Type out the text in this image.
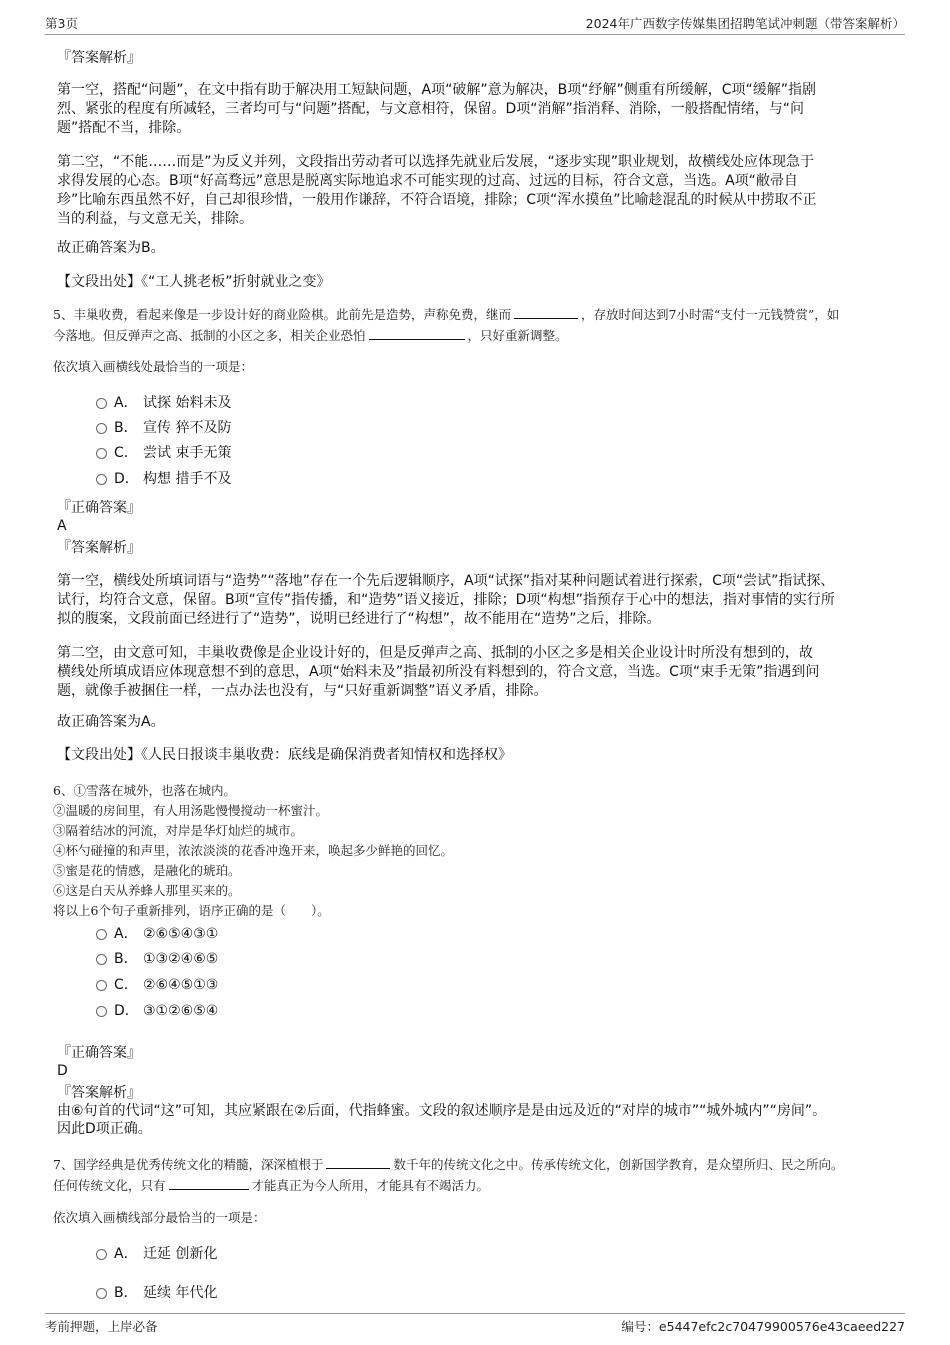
第3页	2024年广西数字传媒集团招聘笔试冲刺题（带答案解析）
『答案解析』
第一空，搭配“问题”，在文中指有助于解决用工短缺问题，A项“破解”意为解决，B项“纾解”侧重有所缓解，C项“缓解”指剧
烈、紧张的程度有所减轻，三者均可与“问题”搭配，与文意相符，保留。D项“消解”指消释、消除，一般搭配情绪，与“问
题”搭配不当，排除。
第二空，“不能……而是”为反义并列，文段指出劳动者可以选择先就业后发展，“逐步实现”职业规划，故横线处应体现急于
求得发展的心态。B项“好高骛远”意思是脱离实际地追求不可能实现的过高、过远的目标，符合文意，当选。A项“敝帚自
珍”比喻东西虽然不好，自己却很珍惜，一般用作谦辞，不符合语境，排除；C项“浑水摸鱼”比喻趁混乱的时候从中捞取不正
当的利益，与文意无关，排除。
故正确答案为B。
【文段出处】《“工人挑老板”折射就业之变》
5、丰巢收费，看起来像是一步设计好的商业险棋。此前先是造势，声称免费，继而	，存放时间达到7小时需“支付一元钱赞赏”，如
今落地。但反弹声之高、抵制的小区之多，相关企业恐怕	，只好重新调整。
依次填入画横线处最恰当的一项是：
A． 试探 始料未及
B． 宣传 猝不及防
C． 尝试 束手无策
D． 构想 措手不及
『正确答案』
A
『答案解析』
第一空，横线处所填词语与“造势”“落地”存在一个先后逻辑顺序，A项“试探”指对某种问题试着进行探索，C项“尝试”指试探、
试行，均符合文意，保留。B项“宣传”指传播，和“造势”语义接近，排除；D项“构想”指预存于心中的想法，指对事情的实行所
拟的腹案，文段前面已经进行了“造势”，说明已经进行了“构想”，故不能用在“造势”之后，排除。
第二空，由文意可知，丰巢收费像是企业设计好的，但是反弹声之高、抵制的小区之多是相关企业设计时所没有想到的，故
横线处所填成语应体现意想不到的意思，A项“始料未及”指最初所没有料想到的，符合文意，当选。C项“束手无策”指遇到问
题，就像手被捆住一样，一点办法也没有，与“只好重新调整”语义矛盾，排除。
故正确答案为A。
【文段出处】《人民日报谈丰巢收费：底线是确保消费者知情权和选择权》
6、①雪落在城外，也落在城内。
②温暖的房间里，有人用汤匙慢慢搅动一杯蜜汁。
③隔着结冰的河流，对岸是华灯灿烂的城市。
④杯勺碰撞的和声里，浓浓淡淡的花香冲逸开来，唤起多少鲜艳的回忆。
⑤蜜是花的情感，是融化的琥珀。
⑥这是白天从养蜂人那里买来的。
将以上6个句子重新排列，语序正确的是（　　）。
A． ②⑥⑤④③①
B． ①③②④⑥⑤
C． ②⑥④⑤①③
D． ③①②⑥⑤④
『正确答案』
D
『答案解析』
由⑥句首的代词“这”可知，其应紧跟在②后面，代指蜂蜜。文段的叙述顺序是是由远及近的“对岸的城市”“城外城内”“房间”。
因此D项正确。
7、国学经典是优秀传统文化的精髓，深深植根于	数千年的传统文化之中。传承传统文化，创新国学教育，是众望所归、民之所向。
任何传统文化，只有	才能真正为今人所用，才能具有不竭活力。
依次填入画横线部分最恰当的一项是：
A． 迁延 创新化
B． 延续 年代化
考前押题，上岸必备	编号：e5447efc2c70479900576e43caeed227
